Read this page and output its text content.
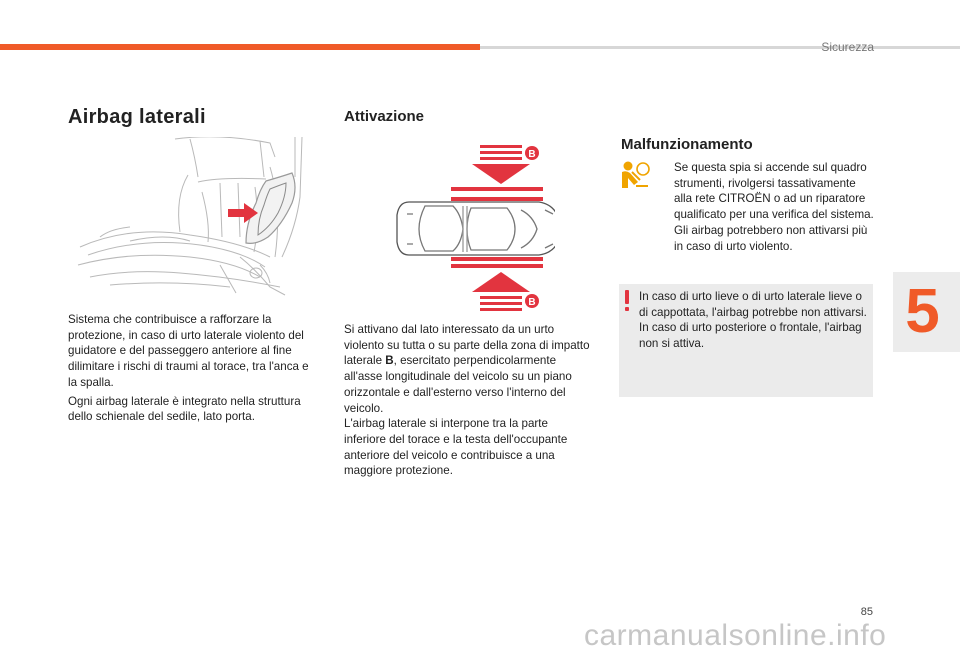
Sicurezza
5
Airbag laterali

Sistema che contribuisce a rafforzare la protezione, in caso di urto laterale violento del guidatore e del passeggero anteriore al fine dilimitare i rischi di traumi al torace, tra l'anca e la spalla.

Ogni airbag laterale è integrato nella struttura dello schienale del sedile, lato porta.

Attivazione
B
B

Si attivano dal lato interessato da un urto violento su tutta o su parte della zona di impatto laterale B, esercitato perpendicolarmente all'asse longitudinale del veicolo su un piano orizzontale e dall'esterno verso l'interno del veicolo.

L'airbag laterale si interpone tra la parte inferiore del torace e la testa dell'occupante anteriore del veicolo e contribuisce a una maggiore protezione.

Malfunzionamento
Se questa spia si accende sul quadro strumenti, rivolgersi tassativamente alla rete CITROËN o ad un riparatore qualificato per una verifica del sistema. Gli airbag potrebbero non attivarsi più in caso di urto violento.

In caso di urto lieve o di urto laterale lieve o di cappottata, l'airbag potrebbe non attivarsi.

In caso di urto posteriore o frontale, l'airbag non si attiva.

85
carmanualsonline.info
